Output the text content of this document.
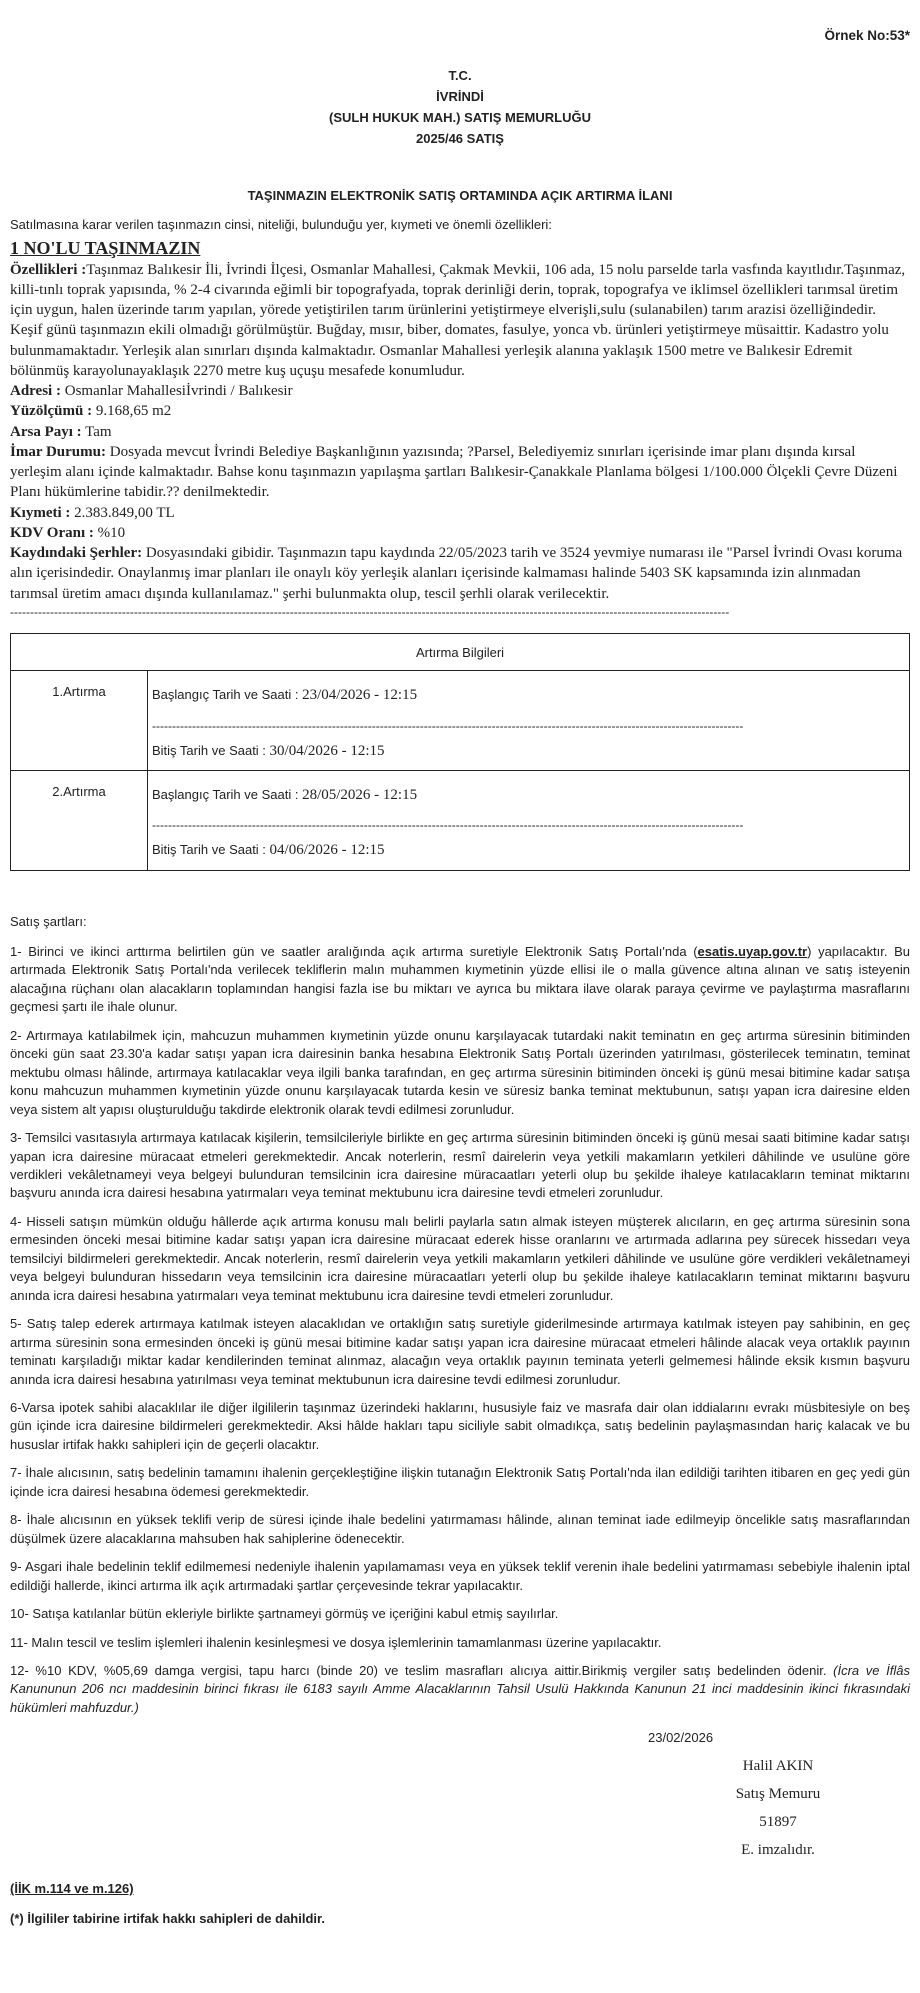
Örnek No:53*
T.C.
İVRİNDİ
(SULH HUKUK MAH.) SATIŞ MEMURLUĞU
2025/46 SATIŞ
TAŞINMAZIN ELEKTRONİK SATIŞ ORTAMINDA AÇIK ARTIRMA İLANI
Satılmasına karar verilen taşınmazın cinsi, niteliği, bulunduğu yer, kıymeti ve önemli özellikleri:
1 NO'LU TAŞINMAZIN
Özellikleri :Taşınmaz Balıkesir İli, İvrindi İlçesi, Osmanlar Mahallesi, Çakmak Mevkii, 106 ada, 15 nolu parselde tarla vasfında kayıtlıdır.Taşınmaz, killi-tınlı toprak yapısında, % 2-4 civarında eğimli bir topografyada, toprak derinliği derin, toprak, topografya ve iklimsel özellikleri tarımsal üretim için uygun, halen üzerinde tarım yapılan, yörede yetiştirilen tarım ürünlerini yetiştirmeye elverişli,sulu (sulanabilen) tarım arazisi özelliğindedir. Keşif günü taşınmazın ekili olmadığı görülmüştür. Buğday, mısır, biber, domates, fasulye, yonca vb. ürünleri yetiştirmeye müsaittir. Kadastro yolu bulunmamaktadır. Yerleşik alan sınırları dışında kalmaktadır. Osmanlar Mahallesi yerleşik alanına yaklaşık 1500 metre ve Balıkesir Edremit bölünmüş karayolunayaklaşık 2270 metre kuş uçuşu mesafede konumludur.
Adresi : Osmanlar Mahallesiİvrindi / Balıkesir
Yüzölçümü : 9.168,65 m2
Arsa Payı : Tam
İmar Durumu: Dosyada mevcut İvrindi Belediye Başkanlığının yazısında; ?Parsel, Belediyemiz sınırları içerisinde imar planı dışında kırsal yerleşim alanı içinde kalmaktadır. Bahse konu taşınmazın yapılaşma şartları Balıkesir-Çanakkale Planlama bölgesi 1/100.000 Ölçekli Çevre Düzeni Planı hükümlerine tabidir.?? denilmektedir.
Kıymeti : 2.383.849,00 TL
KDV Oranı : %10
Kaydındaki Şerhler: Dosyasındaki gibidir. Taşınmazın tapu kaydında 22/05/2023 tarih ve 3524 yevmiye numarası ile "Parsel İvrindi Ovası koruma alın içerisindedir. Onaylanmış imar planları ile onaylı köy yerleşik alanları içerisinde kalmaması halinde 5403 SK kapsamında izin alınmadan tarımsal üretim amacı dışında kullanılamaz." şerhi bulunmakta olup, tescil şerhli olarak verilecektir.
------------------------------------------------------------------------------------------------------------------------------------------------------------------------------------
Artırma Bilgileri	
1.Artırma	Başlangıç Tarih ve Saati : 23/04/2026 - 12:15
----------------------------------------------------------------------------------------------------------------------------------------------------
Bitiş Tarih ve Saati : 30/04/2026 - 12:15

2.Artırma	Başlangıç Tarih ve Saati : 28/05/2026 - 12:15
----------------------------------------------------------------------------------------------------------------------------------------------------
Bitiş Tarih ve Saati : 04/06/2026 - 12:15

Satış şartları:

1- Birinci ve ikinci arttırma belirtilen gün ve saatler aralığında açık artırma suretiyle Elektronik Satış Portalı'nda (esatis.uyap.gov.tr) yapılacaktır. Bu artırmada Elektronik Satış Portalı'nda verilecek tekliflerin malın muhammen kıymetinin yüzde ellisi ile o malla güvence altına alınan ve satış isteyenin alacağına rüçhanı olan alacakların toplamından hangisi fazla ise bu miktarı ve ayrıca bu miktara ilave olarak paraya çevirme ve paylaştırma masraflarını geçmesi şartı ile ihale olunur.

2- Artırmaya katılabilmek için, mahcuzun muhammen kıymetinin yüzde onunu karşılayacak tutardaki nakit teminatın en geç artırma süresinin bitiminden önceki gün saat 23.30'a kadar satışı yapan icra dairesinin banka hesabına Elektronik Satış Portalı üzerinden yatırılması, gösterilecek teminatın, teminat mektubu olması hâlinde, artırmaya katılacaklar veya ilgili banka tarafından, en geç artırma süresinin bitiminden önceki iş günü mesai bitimine kadar satışa konu mahcuzun muhammen kıymetinin yüzde onunu karşılayacak tutarda kesin ve süresiz banka teminat mektubunun, satışı yapan icra dairesine elden veya sistem alt yapısı oluşturulduğu takdirde elektronik olarak tevdi edilmesi zorunludur.

3- Temsilci vasıtasıyla artırmaya katılacak kişilerin, temsilcileriyle birlikte en geç artırma süresinin bitiminden önceki iş günü mesai saati bitimine kadar satışı yapan icra dairesine müracaat etmeleri gerekmektedir. Ancak noterlerin, resmî dairelerin veya yetkili makamların yetkileri dâhilinde ve usulüne göre verdikleri vekâletnameyi veya belgeyi bulunduran temsilcinin icra dairesine müracaatları yeterli olup bu şekilde ihaleye katılacakların teminat miktarını başvuru anında icra dairesi hesabına yatırmaları veya teminat mektubunu icra dairesine tevdi etmeleri zorunludur.

4- Hisseli satışın mümkün olduğu hâllerde açık artırma konusu malı belirli paylarla satın almak isteyen müşterek alıcıların, en geç artırma süresinin sona ermesinden önceki mesai bitimine kadar satışı yapan icra dairesine müracaat ederek hisse oranlarını ve artırmada adlarına pey sürecek hissedarı veya temsilciyi bildirmeleri gerekmektedir. Ancak noterlerin, resmî dairelerin veya yetkili makamların yetkileri dâhilinde ve usulüne göre verdikleri vekâletnameyi veya belgeyi bulunduran hissedarın veya temsilcinin icra dairesine müracaatları yeterli olup bu şekilde ihaleye katılacakların teminat miktarını başvuru anında icra dairesi hesabına yatırmaları veya teminat mektubunu icra dairesine tevdi etmeleri zorunludur.

5- Satış talep ederek artırmaya katılmak isteyen alacaklıdan ve ortaklığın satış suretiyle giderilmesinde artırmaya katılmak isteyen pay sahibinin, en geç artırma süresinin sona ermesinden önceki iş günü mesai bitimine kadar satışı yapan icra dairesine müracaat etmeleri hâlinde alacak veya ortaklık payının teminatı karşıladığı miktar kadar kendilerinden teminat alınmaz, alacağın veya ortaklık payının teminata yeterli gelmemesi hâlinde eksik kısmın başvuru anında icra dairesi hesabına yatırılması veya teminat mektubunun icra dairesine tevdi edilmesi zorunludur.

6-Varsa ipotek sahibi alacaklılar ile diğer ilgililerin taşınmaz üzerindeki haklarını, hususiyle faiz ve masrafa dair olan iddialarını evrakı müsbitesiyle on beş gün içinde icra dairesine bildirmeleri gerekmektedir. Aksi hâlde hakları tapu siciliyle sabit olmadıkça, satış bedelinin paylaşmasından hariç kalacak ve bu hususlar irtifak hakkı sahipleri için de geçerli olacaktır.

7- İhale alıcısının, satış bedelinin tamamını ihalenin gerçekleştiğine ilişkin tutanağın Elektronik Satış Portalı'nda ilan edildiği tarihten itibaren en geç yedi gün içinde icra dairesi hesabına ödemesi gerekmektedir.

8- İhale alıcısının en yüksek teklifi verip de süresi içinde ihale bedelini yatırmaması hâlinde, alınan teminat iade edilmeyip öncelikle satış masraflarından düşülmek üzere alacaklarına mahsuben hak sahiplerine ödenecektir.

9- Asgari ihale bedelinin teklif edilmemesi nedeniyle ihalenin yapılamaması veya en yüksek teklif verenin ihale bedelini yatırmaması sebebiyle ihalenin iptal edildiği hallerde, ikinci artırma ilk açık artırmadaki şartlar çerçevesinde tekrar yapılacaktır.

10- Satışa katılanlar bütün ekleriyle birlikte şartnameyi görmüş ve içeriğini kabul etmiş sayılırlar.

11- Malın tescil ve teslim işlemleri ihalenin kesinleşmesi ve dosya işlemlerinin tamamlanması üzerine yapılacaktır.

12- %10 KDV, %05,69 damga vergisi, tapu harcı (binde 20) ve teslim masrafları alıcıya aittir.Birikmiş vergiler satış bedelinden ödenir. (İcra ve İflâs Kanununun 206 ncı maddesinin birinci fıkrası ile 6183 sayılı Amme Alacaklarının Tahsil Usulü Hakkında Kanunun 21 inci maddesinin ikinci fıkrasındaki hükümleri mahfuzdur.)

23/02/2026
Halil AKIN
Satış Memuru
51897
E. imzalıdır.
(İİK m.114 ve m.126)
(*) İlgililer tabirine irtifak hakkı sahipleri de dahildir.
